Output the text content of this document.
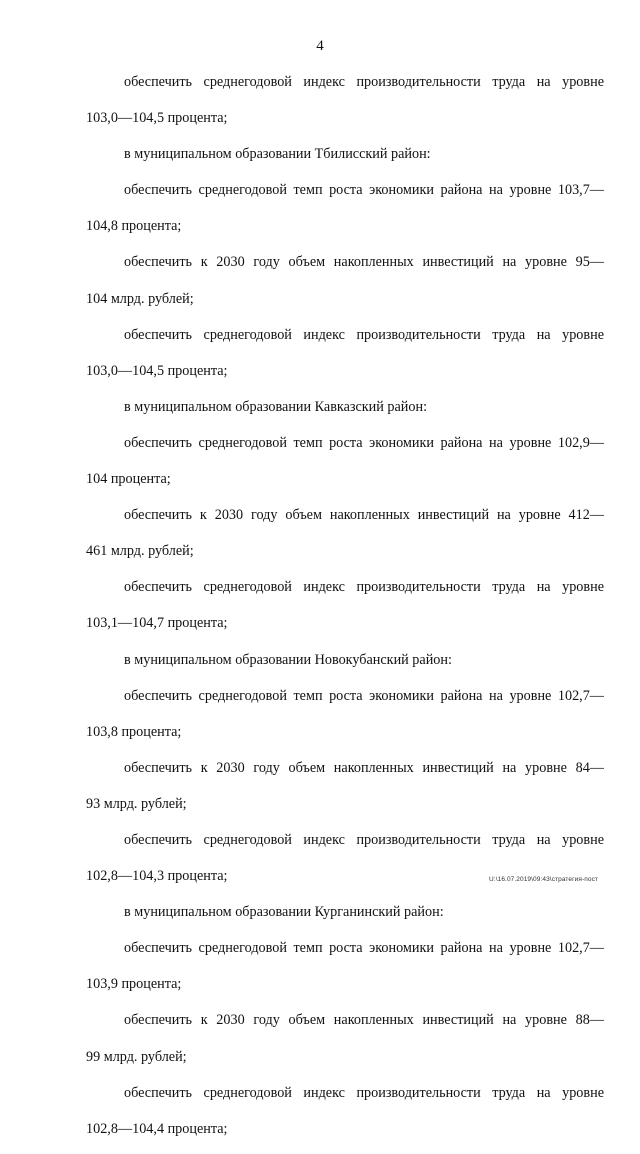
4
обеспечить среднегодовой индекс производительности труда на уровне
103,0—104,5 процента;
в муниципальном образовании Тбилисский район:
обеспечить среднегодовой темп роста экономики района на уровне 103,7—
104,8 процента;
обеспечить к 2030 году объем накопленных инвестиций на уровне 95—
104 млрд. рублей;
обеспечить среднегодовой индекс производительности труда на уровне
103,0—104,5 процента;
в муниципальном образовании Кавказский район:
обеспечить среднегодовой темп роста экономики района на уровне 102,9—
104 процента;
обеспечить к 2030 году объем накопленных инвестиций на уровне 412—
461 млрд. рублей;
обеспечить среднегодовой индекс производительности труда на уровне
103,1—104,7 процента;
в муниципальном образовании Новокубанский район:
обеспечить среднегодовой темп роста экономики района на уровне 102,7—
103,8 процента;
обеспечить к 2030 году объем накопленных инвестиций на уровне 84—
93 млрд. рублей;
обеспечить среднегодовой индекс производительности труда на уровне
102,8—104,3 процента;
в муниципальном образовании Курганинский район:
обеспечить среднегодовой темп роста экономики района на уровне 102,7—
103,9 процента;
обеспечить к 2030 году объем накопленных инвестиций на уровне 88—
99 млрд. рублей;
обеспечить среднегодовой индекс производительности труда на уровне
102,8—104,4 процента;
U:\16.07.2019\09:43\стратегия-пост
